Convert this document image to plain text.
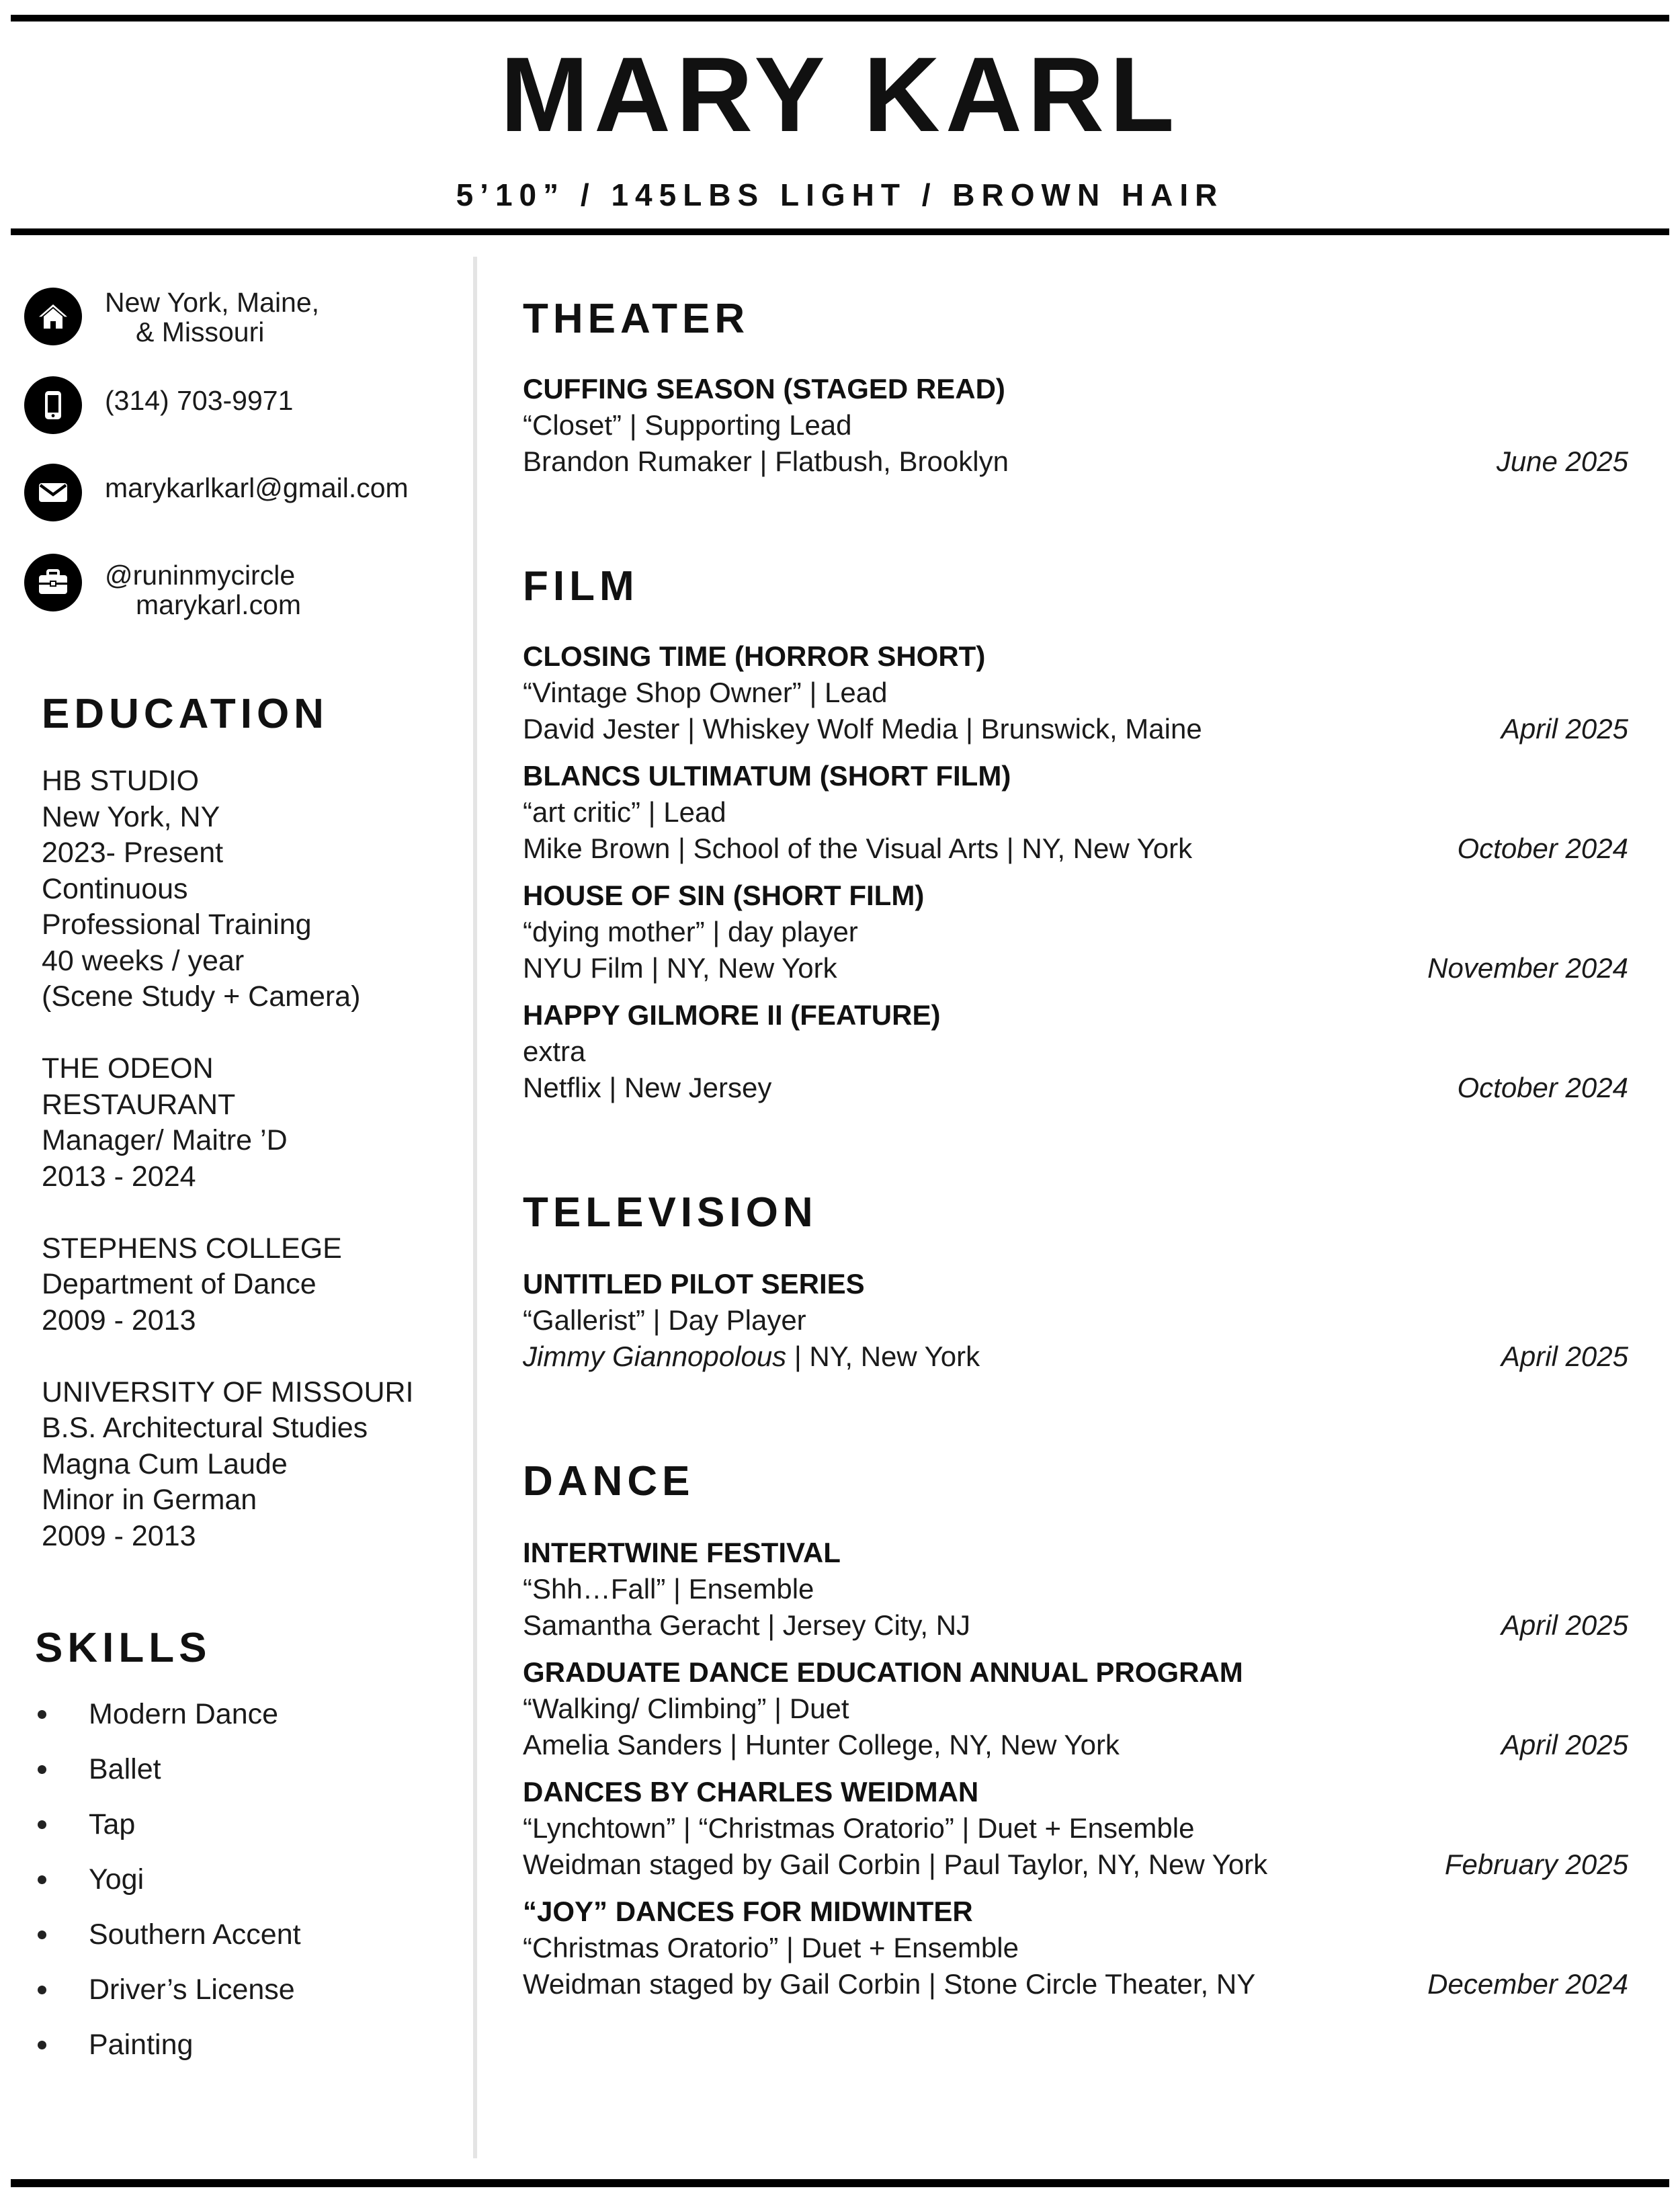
MARY KARL
5’10” / 145LBS LIGHT / BROWN HAIR
New York, Maine,
& Missouri
(314) 703-9971
marykarlkarl@gmail.com
@runinmycircle
marykarl.com
EDUCATION
HB STUDIO
New York, NY
2023- Present
Continuous
Professional Training
40 weeks / year
(Scene Study + Camera)
THE ODEON
RESTAURANT
Manager/ Maitre ’D
2013 - 2024
STEPHENS COLLEGE
Department of Dance
2009 - 2013
UNIVERSITY OF MISSOURI
B.S. Architectural Studies
Magna Cum Laude
Minor in German
2009 - 2013
SKILLS
Modern Dance
Ballet
Tap
Yogi
Southern Accent
Driver’s License
Painting
THEATER
CUFFING SEASON (STAGED READ)
“Closet” | Supporting Lead
Brandon Rumaker | Flatbush, Brooklyn	June 2025
FILM
CLOSING TIME (HORROR SHORT)
“Vintage Shop Owner” | Lead
David Jester | Whiskey Wolf Media | Brunswick, Maine	April 2025
BLANCS ULTIMATUM (SHORT FILM)
“art critic” | Lead
Mike Brown | School of the Visual Arts | NY, New York	October 2024
HOUSE OF SIN (SHORT FILM)
“dying mother” | day player
NYU Film | NY, New York	November 2024
HAPPY GILMORE II (FEATURE)
extra
Netflix | New Jersey	October 2024
TELEVISION
UNTITLED PILOT SERIES
“Gallerist” | Day Player
Jimmy Giannopolous | NY, New York	April 2025
DANCE
INTERTWINE FESTIVAL
“Shh…Fall” | Ensemble
Samantha Geracht | Jersey City, NJ	April 2025
GRADUATE DANCE EDUCATION ANNUAL PROGRAM
“Walking/ Climbing” | Duet
Amelia Sanders | Hunter College, NY, New York	April 2025
DANCES BY CHARLES WEIDMAN
“Lynchtown” | “Christmas Oratorio” | Duet + Ensemble
Weidman staged by Gail Corbin | Paul Taylor, NY, New York	February 2025
“JOY” DANCES FOR MIDWINTER
“Christmas Oratorio” | Duet + Ensemble
Weidman staged by Gail Corbin | Stone Circle Theater, NY	December 2024
